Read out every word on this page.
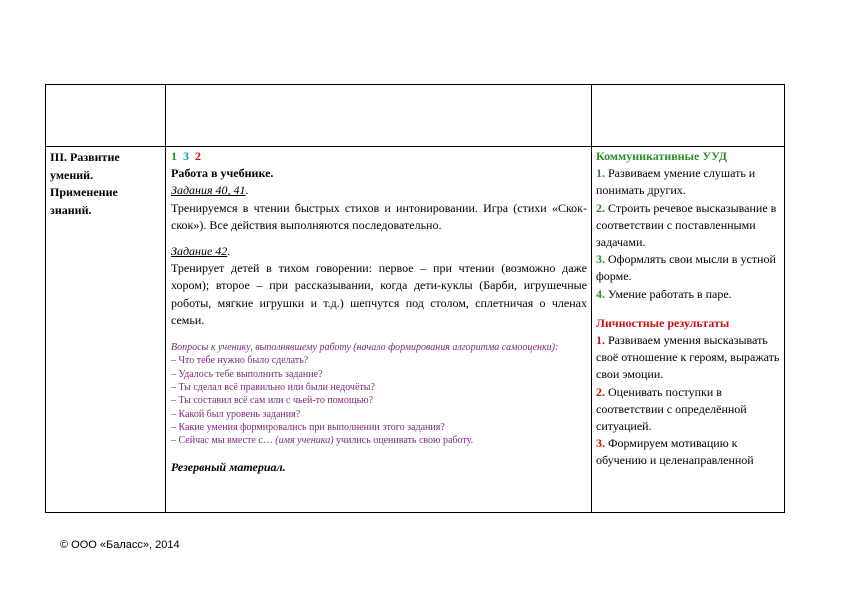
III. Развитие
умений.
Применение
знаний.
1 3 2

Работа в учебнике.

Задания 40, 41.

Тренируемся в чтении быстрых стихов и интонировании. Игра (стихи «Скок-скок»). Все действия выполняются последовательно.

Задание 42.

Тренирует детей в тихом говорении: первое – при чтении (возможно даже хором); второе – при рассказывании, когда дети-куклы (Барби, игрушечные роботы, мягкие игрушки и т.д.) шепчутся под столом, сплетничая о членах семьи.

Вопросы к ученику, выполнявшему работу (начало формирования алгоритма самооценки):

– Что тебе нужно было сделать?

– Удалось тебе выполнить задание?

– Ты сделал всё правильно или были недочёты?

– Ты составил всё сам или с чьей-то помощью?

– Какой был уровень задания?

– Какие умения формировались при выполнении этого задания?

– Сейчас мы вместе с… (имя ученика) учились оценивать свою работу.

Резервный материал.

Коммуникативные УУД

1. Развиваем умение слушать и понимать других.

2. Строить речевое высказывание в соответствии с поставленными задачами.

3. Оформлять свои мысли в устной форме.

4. Умение работать в паре.

Личностные результаты

1. Развиваем умения высказывать своё отношение к героям, выражать свои эмоции.

2. Оценивать поступки в соответствии с определённой ситуацией.

3. Формируем мотивацию к обучению и целенаправленной

© ООО «Баласс», 2014
